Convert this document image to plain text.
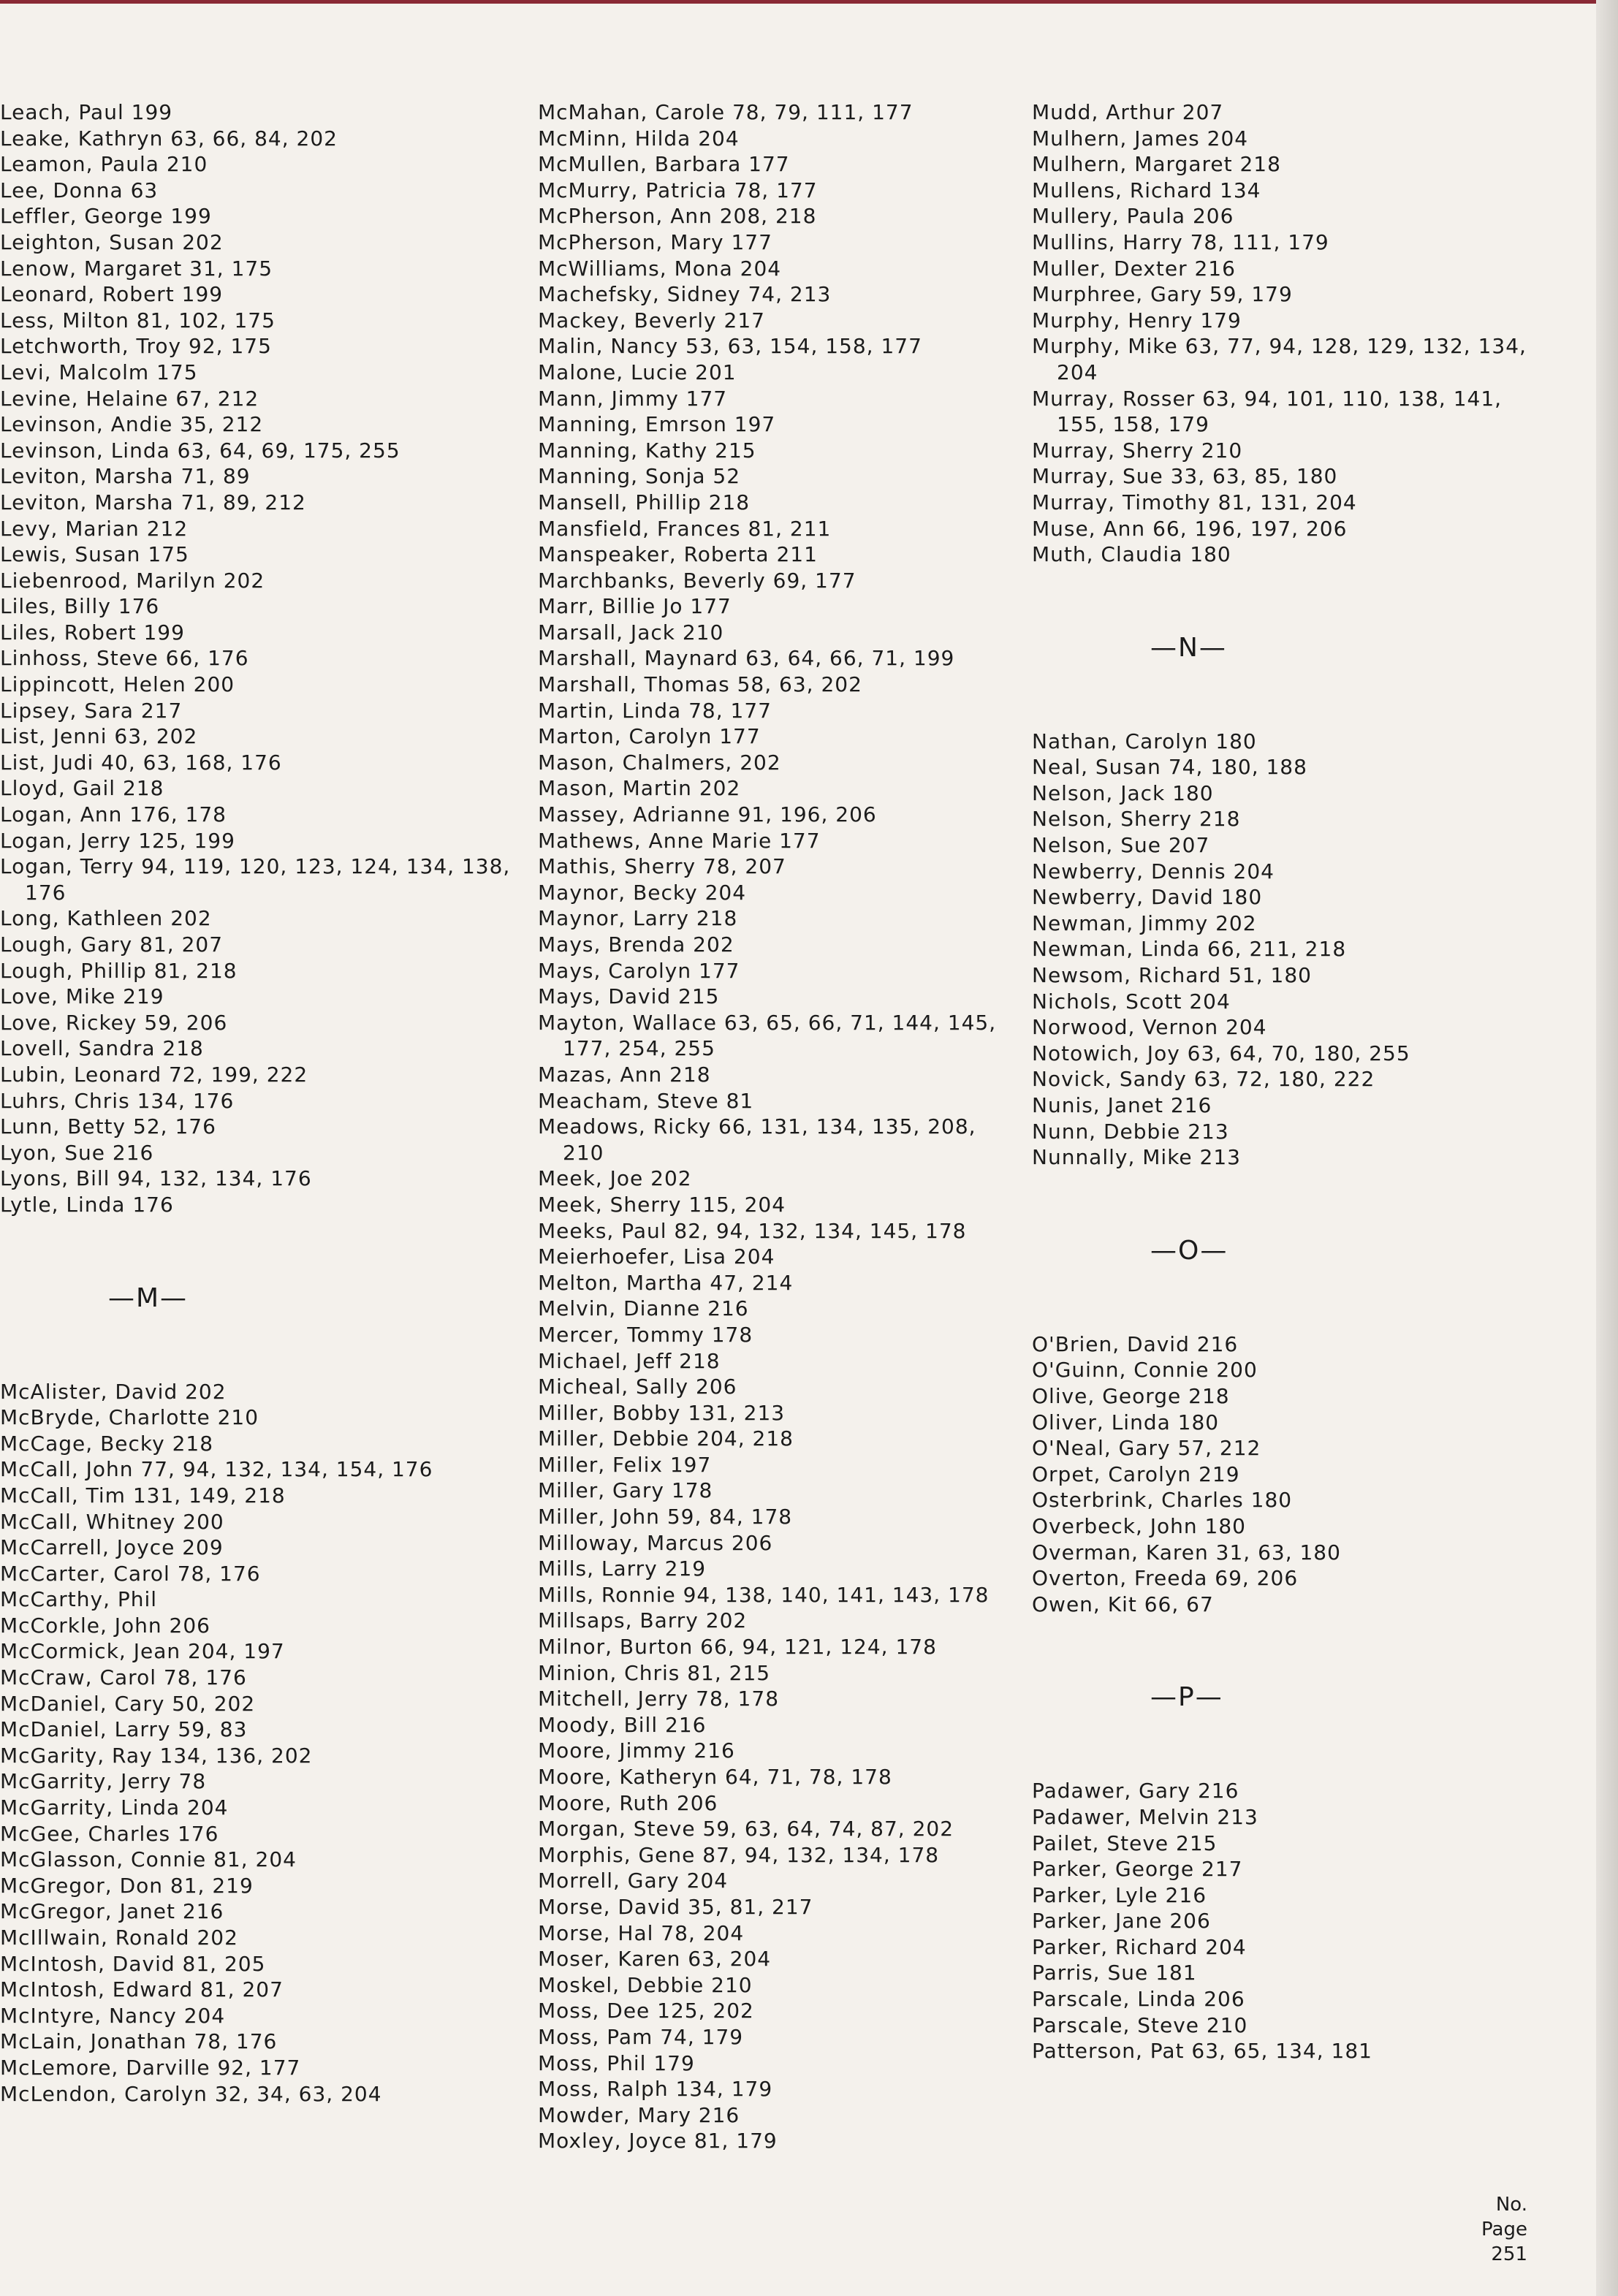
Leach, Paul 199
Leake, Kathryn 63, 66, 84, 202
Leamon, Paula 210
Lee, Donna 63
Leffler, George 199
Leighton, Susan 202
Lenow, Margaret 31, 175
Leonard, Robert 199
Less, Milton 81, 102, 175
Letchworth, Troy 92, 175
Levi, Malcolm 175
Levine, Helaine 67, 212
Levinson, Andie 35, 212
Levinson, Linda 63, 64, 69, 175, 255
Leviton, Marsha 71, 89
Leviton, Marsha 71, 89, 212
Levy, Marian 212
Lewis, Susan 175
Liebenrood, Marilyn 202
Liles, Billy 176
Liles, Robert 199
Linhoss, Steve 66, 176
Lippincott, Helen 200
Lipsey, Sara 217
List, Jenni 63, 202
List, Judi 40, 63, 168, 176
Lloyd, Gail 218
Logan, Ann 176, 178
Logan, Jerry 125, 199
Logan, Terry 94, 119, 120, 123, 124, 134, 138, 176
Long, Kathleen 202
Lough, Gary 81, 207
Lough, Phillip 81, 218
Love, Mike 219
Love, Rickey 59, 206
Lovell, Sandra 218
Lubin, Leonard 72, 199, 222
Luhrs, Chris 134, 176
Lunn, Betty 52, 176
Lyon, Sue 216
Lyons, Bill 94, 132, 134, 176
Lytle, Linda 176
—M—
McAlister, David 202
McBryde, Charlotte 210
McCage, Becky 218
McCall, John 77, 94, 132, 134, 154, 176
McCall, Tim 131, 149, 218
McCall, Whitney 200
McCarrell, Joyce 209
McCarter, Carol 78, 176
McCarthy, Phil
McCorkle, John 206
McCormick, Jean 204, 197
McCraw, Carol 78, 176
McDaniel, Cary 50, 202
McDaniel, Larry 59, 83
McGarity, Ray 134, 136, 202
McGarrity, Jerry 78
McGarrity, Linda 204
McGee, Charles 176
McGlasson, Connie 81, 204
McGregor, Don 81, 219
McGregor, Janet 216
McIllwain, Ronald 202
McIntosh, David 81, 205
McIntosh, Edward 81, 207
McIntyre, Nancy 204
McLain, Jonathan 78, 176
McLemore, Darville 92, 177
McLendon, Carolyn 32, 34, 63, 204
McMahan, Carole 78, 79, 111, 177
McMinn, Hilda 204
McMullen, Barbara 177
McMurry, Patricia 78, 177
McPherson, Ann 208, 218
McPherson, Mary 177
McWilliams, Mona 204
Machefsky, Sidney 74, 213
Mackey, Beverly 217
Malin, Nancy 53, 63, 154, 158, 177
Malone, Lucie 201
Mann, Jimmy 177
Manning, Emrson 197
Manning, Kathy 215
Manning, Sonja 52
Mansell, Phillip 218
Mansfield, Frances 81, 211
Manspeaker, Roberta 211
Marchbanks, Beverly 69, 177
Marr, Billie Jo 177
Marsall, Jack 210
Marshall, Maynard 63, 64, 66, 71, 199
Marshall, Thomas 58, 63, 202
Martin, Linda 78, 177
Marton, Carolyn 177
Mason, Chalmers, 202
Mason, Martin 202
Massey, Adrianne 91, 196, 206
Mathews, Anne Marie 177
Mathis, Sherry 78, 207
Maynor, Becky 204
Maynor, Larry 218
Mays, Brenda 202
Mays, Carolyn 177
Mays, David 215
Mayton, Wallace 63, 65, 66, 71, 144, 145, 177, 254, 255
Mazas, Ann 218
Meacham, Steve 81
Meadows, Ricky 66, 131, 134, 135, 208, 210
Meek, Joe 202
Meek, Sherry 115, 204
Meeks, Paul 82, 94, 132, 134, 145, 178
Meierhoefer, Lisa 204
Melton, Martha 47, 214
Melvin, Dianne 216
Mercer, Tommy 178
Michael, Jeff 218
Micheal, Sally 206
Miller, Bobby 131, 213
Miller, Debbie 204, 218
Miller, Felix 197
Miller, Gary 178
Miller, John 59, 84, 178
Milloway, Marcus 206
Mills, Larry 219
Mills, Ronnie 94, 138, 140, 141, 143, 178
Millsaps, Barry 202
Milnor, Burton 66, 94, 121, 124, 178
Minion, Chris 81, 215
Mitchell, Jerry 78, 178
Moody, Bill 216
Moore, Jimmy 216
Moore, Katheryn 64, 71, 78, 178
Moore, Ruth 206
Morgan, Steve 59, 63, 64, 74, 87, 202
Morphis, Gene 87, 94, 132, 134, 178
Morrell, Gary 204
Morse, David 35, 81, 217
Morse, Hal 78, 204
Moser, Karen 63, 204
Moskel, Debbie 210
Moss, Dee 125, 202
Moss, Pam 74, 179
Moss, Phil 179
Moss, Ralph 134, 179
Mowder, Mary 216
Moxley, Joyce 81, 179
Mudd, Arthur 207
Mulhern, James 204
Mulhern, Margaret 218
Mullens, Richard 134
Mullery, Paula 206
Mullins, Harry 78, 111, 179
Muller, Dexter 216
Murphree, Gary 59, 179
Murphy, Henry 179
Murphy, Mike 63, 77, 94, 128, 129, 132, 134, 204
Murray, Rosser 63, 94, 101, 110, 138, 141, 155, 158, 179
Murray, Sherry 210
Murray, Sue 33, 63, 85, 180
Murray, Timothy 81, 131, 204
Muse, Ann 66, 196, 197, 206
Muth, Claudia 180
—N—
Nathan, Carolyn 180
Neal, Susan 74, 180, 188
Nelson, Jack 180
Nelson, Sherry 218
Nelson, Sue 207
Newberry, Dennis 204
Newberry, David 180
Newman, Jimmy 202
Newman, Linda 66, 211, 218
Newsom, Richard 51, 180
Nichols, Scott 204
Norwood, Vernon 204
Notowich, Joy 63, 64, 70, 180, 255
Novick, Sandy 63, 72, 180, 222
Nunis, Janet 216
Nunn, Debbie 213
Nunnally, Mike 213
—O—
O'Brien, David 216
O'Guinn, Connie 200
Olive, George 218
Oliver, Linda 180
O'Neal, Gary 57, 212
Orpet, Carolyn 219
Osterbrink, Charles 180
Overbeck, John 180
Overman, Karen 31, 63, 180
Overton, Freeda 69, 206
Owen, Kit 66, 67
—P—
Padawer, Gary 216
Padawer, Melvin 213
Pailet, Steve 215
Parker, George 217
Parker, Lyle 216
Parker, Jane 206
Parker, Richard 204
Parris, Sue 181
Parscale, Linda 206
Parscale, Steve 210
Patterson, Pat 63, 65, 134, 181
No.
Page
251
